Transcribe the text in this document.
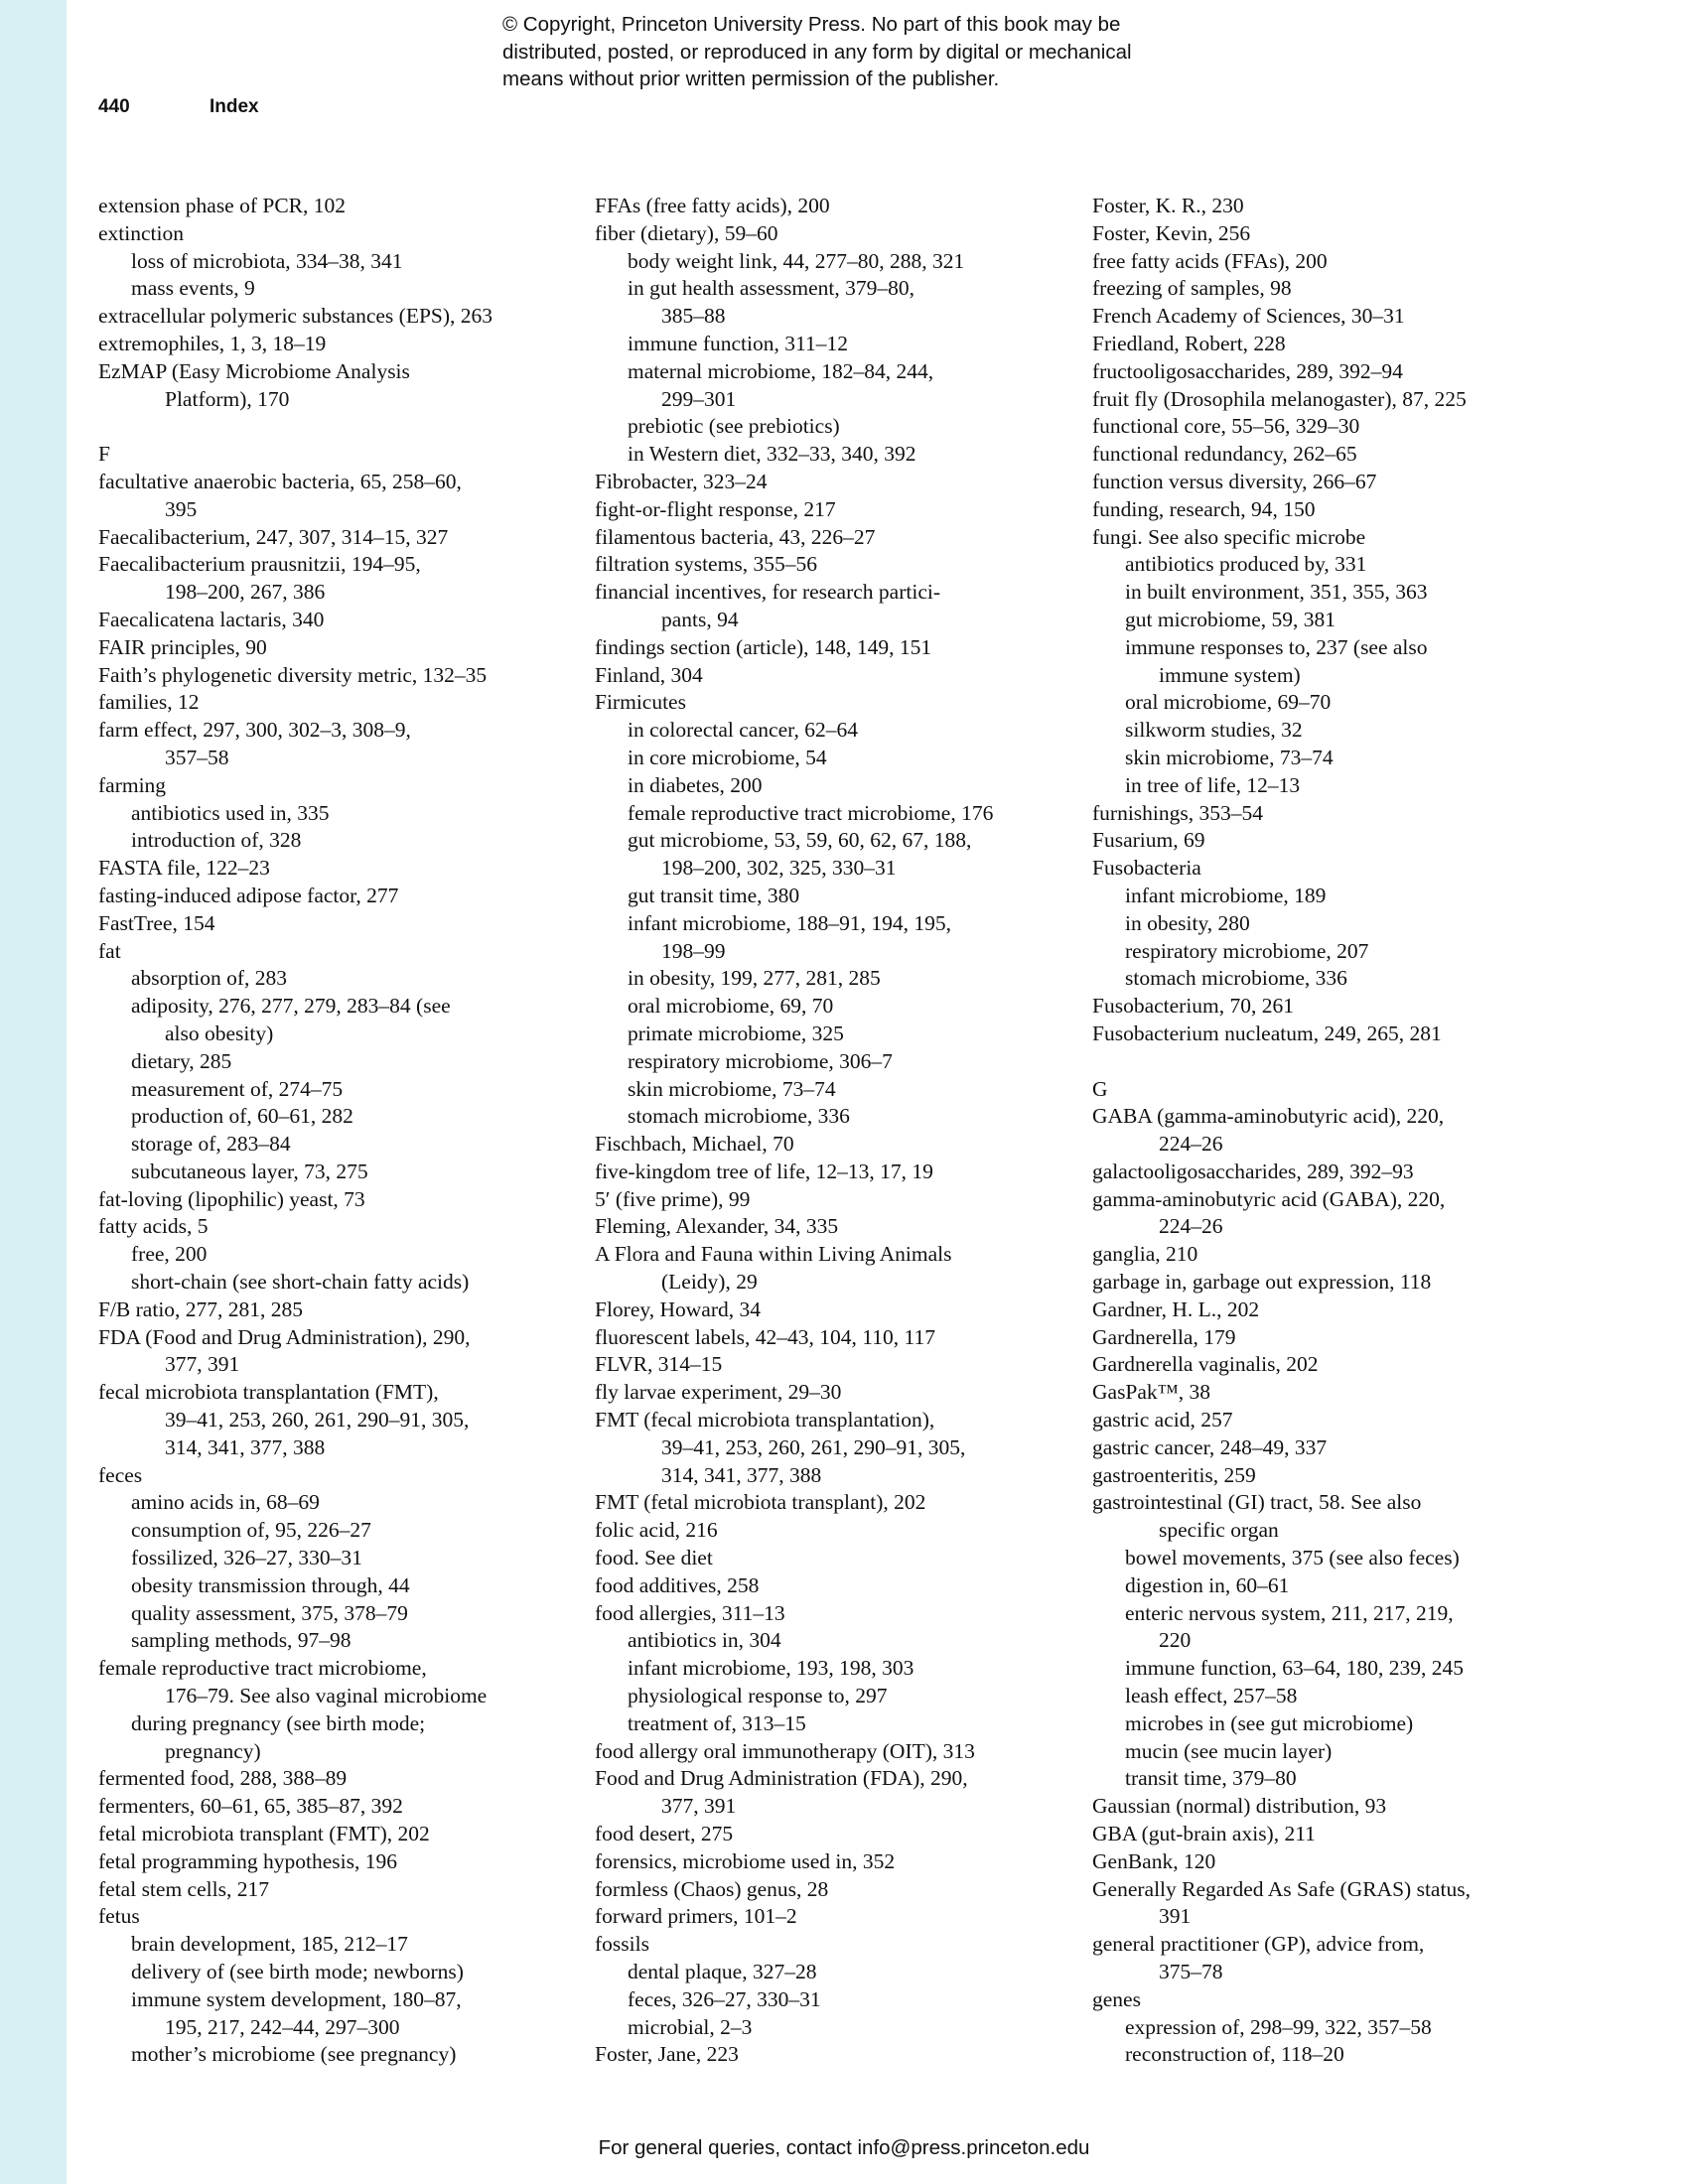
© Copyright, Princeton University Press. No part of this book may be
distributed, posted, or reproduced in any form by digital or mechanical
means without prior written permission of the publisher.
440	Index
extension phase of PCR, 102
extinction
loss of microbiota, 334–38, 341
mass events, 9
extracellular polymeric substances (EPS), 263
extremophiles, 1, 3, 18–19
EzMAP (Easy Microbiome Analysis
Platform), 170
F
facultative anaerobic bacteria, 65, 258–60,
395
Faecalibacterium, 247, 307, 314–15, 327
Faecalibacterium prausnitzii, 194–95,
198–200, 267, 386
Faecalicatena lactaris, 340
FAIR principles, 90
Faith’s phylogenetic diversity metric, 132–35
families, 12
farm effect, 297, 300, 302–3, 308–9,
357–58
farming
antibiotics used in, 335
introduction of, 328
FASTA file, 122–23
fasting-induced adipose factor, 277
FastTree, 154
fat
absorption of, 283
adiposity, 276, 277, 279, 283–84 (see
also obesity)
dietary, 285
measurement of, 274–75
production of, 60–61, 282
storage of, 283–84
subcutaneous layer, 73, 275
fat-loving (lipophilic) yeast, 73
fatty acids, 5
free, 200
short-chain (see short-chain fatty acids)
F/B ratio, 277, 281, 285
FDA (Food and Drug Administration), 290,
377, 391
fecal microbiota transplantation (FMT),
39–41, 253, 260, 261, 290–91, 305,
314, 341, 377, 388
feces
amino acids in, 68–69
consumption of, 95, 226–27
fossilized, 326–27, 330–31
obesity transmission through, 44
quality assessment, 375, 378–79
sampling methods, 97–98
female reproductive tract microbiome,
176–79. See also vaginal microbiome
during pregnancy (see birth mode;
pregnancy)
fermented food, 288, 388–89
fermenters, 60–61, 65, 385–87, 392
fetal microbiota transplant (FMT), 202
fetal programming hypothesis, 196
fetal stem cells, 217
fetus
brain development, 185, 212–17
delivery of (see birth mode; newborns)
immune system development, 180–87,
195, 217, 242–44, 297–300
mother’s microbiome (see pregnancy)
FFAs (free fatty acids), 200
fiber (dietary), 59–60
body weight link, 44, 277–80, 288, 321
in gut health assessment, 379–80,
385–88
immune function, 311–12
maternal microbiome, 182–84, 244,
299–301
prebiotic (see prebiotics)
in Western diet, 332–33, 340, 392
Fibrobacter, 323–24
fight-or-flight response, 217
filamentous bacteria, 43, 226–27
filtration systems, 355–56
financial incentives, for research partici-
pants, 94
findings section (article), 148, 149, 151
Finland, 304
Firmicutes
in colorectal cancer, 62–64
in core microbiome, 54
in diabetes, 200
female reproductive tract microbiome, 176
gut microbiome, 53, 59, 60, 62, 67, 188,
198–200, 302, 325, 330–31
gut transit time, 380
infant microbiome, 188–91, 194, 195,
198–99
in obesity, 199, 277, 281, 285
oral microbiome, 69, 70
primate microbiome, 325
respiratory microbiome, 306–7
skin microbiome, 73–74
stomach microbiome, 336
Fischbach, Michael, 70
five-kingdom tree of life, 12–13, 17, 19
5′ (five prime), 99
Fleming, Alexander, 34, 335
A Flora and Fauna within Living Animals
(Leidy), 29
Florey, Howard, 34
fluorescent labels, 42–43, 104, 110, 117
FLVR, 314–15
fly larvae experiment, 29–30
FMT (fecal microbiota transplantation),
39–41, 253, 260, 261, 290–91, 305,
314, 341, 377, 388
FMT (fetal microbiota transplant), 202
folic acid, 216
food. See diet
food additives, 258
food allergies, 311–13
antibiotics in, 304
infant microbiome, 193, 198, 303
physiological response to, 297
treatment of, 313–15
food allergy oral immunotherapy (OIT), 313
Food and Drug Administration (FDA), 290,
377, 391
food desert, 275
forensics, microbiome used in, 352
formless (Chaos) genus, 28
forward primers, 101–2
fossils
dental plaque, 327–28
feces, 326–27, 330–31
microbial, 2–3
Foster, Jane, 223
Foster, K. R., 230
Foster, Kevin, 256
free fatty acids (FFAs), 200
freezing of samples, 98
French Academy of Sciences, 30–31
Friedland, Robert, 228
fructooligosaccharides, 289, 392–94
fruit fly (Drosophila melanogaster), 87, 225
functional core, 55–56, 329–30
functional redundancy, 262–65
function versus diversity, 266–67
funding, research, 94, 150
fungi. See also specific microbe
antibiotics produced by, 331
in built environment, 351, 355, 363
gut microbiome, 59, 381
immune responses to, 237 (see also
immune system)
oral microbiome, 69–70
silkworm studies, 32
skin microbiome, 73–74
in tree of life, 12–13
furnishings, 353–54
Fusarium, 69
Fusobacteria
infant microbiome, 189
in obesity, 280
respiratory microbiome, 207
stomach microbiome, 336
Fusobacterium, 70, 261
Fusobacterium nucleatum, 249, 265, 281
G
GABA (gamma-aminobutyric acid), 220,
224–26
galactooligosaccharides, 289, 392–93
gamma-aminobutyric acid (GABA), 220,
224–26
ganglia, 210
garbage in, garbage out expression, 118
Gardner, H. L., 202
Gardnerella, 179
Gardnerella vaginalis, 202
GasPak™, 38
gastric acid, 257
gastric cancer, 248–49, 337
gastroenteritis, 259
gastrointestinal (GI) tract, 58. See also
specific organ
bowel movements, 375 (see also feces)
digestion in, 60–61
enteric nervous system, 211, 217, 219,
220
immune function, 63–64, 180, 239, 245
leash effect, 257–58
microbes in (see gut microbiome)
mucin (see mucin layer)
transit time, 379–80
Gaussian (normal) distribution, 93
GBA (gut-brain axis), 211
GenBank, 120
Generally Regarded As Safe (GRAS) status,
391
general practitioner (GP), advice from,
375–78
genes
expression of, 298–99, 322, 357–58
reconstruction of, 118–20
For general queries, contact info@press.princeton.edu
